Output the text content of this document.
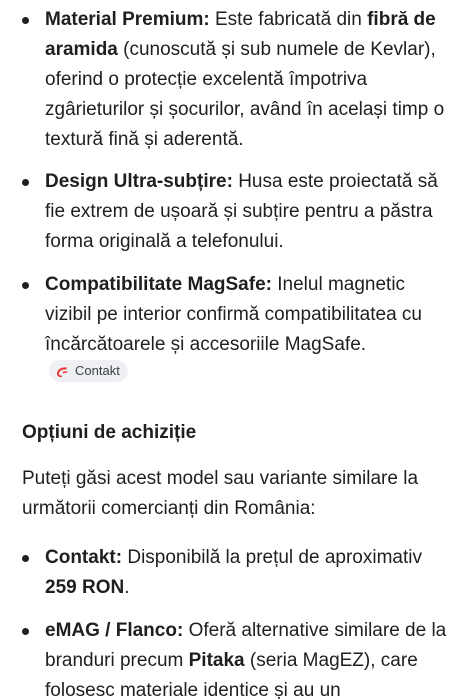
Material Premium: Este fabricată din fibră de aramida (cunoscută și sub numele de Kevlar), oferind o protecție excelentă împotriva zgârieturilor și șocurilor, având în același timp o textură fină și aderentă.
Design Ultra-subțire: Husa este proiectată să fie extrem de ușoară și subțire pentru a păstra forma originală a telefonului.
Compatibilitate MagSafe: Inelul magnetic vizibil pe interior confirmă compatibilitatea cu încărcătoarele și accesoriile MagSafe.
Contakt
Opțiuni de achiziție
Puteți găsi acest model sau variante similare la următorii comercianți din România:
Contakt: Disponibilă la prețul de aproximativ 259 RON.
eMAG / Flanco: Oferă alternative similare de la branduri precum Pitaka (seria MagEZ), care folosesc materiale identice și au un
